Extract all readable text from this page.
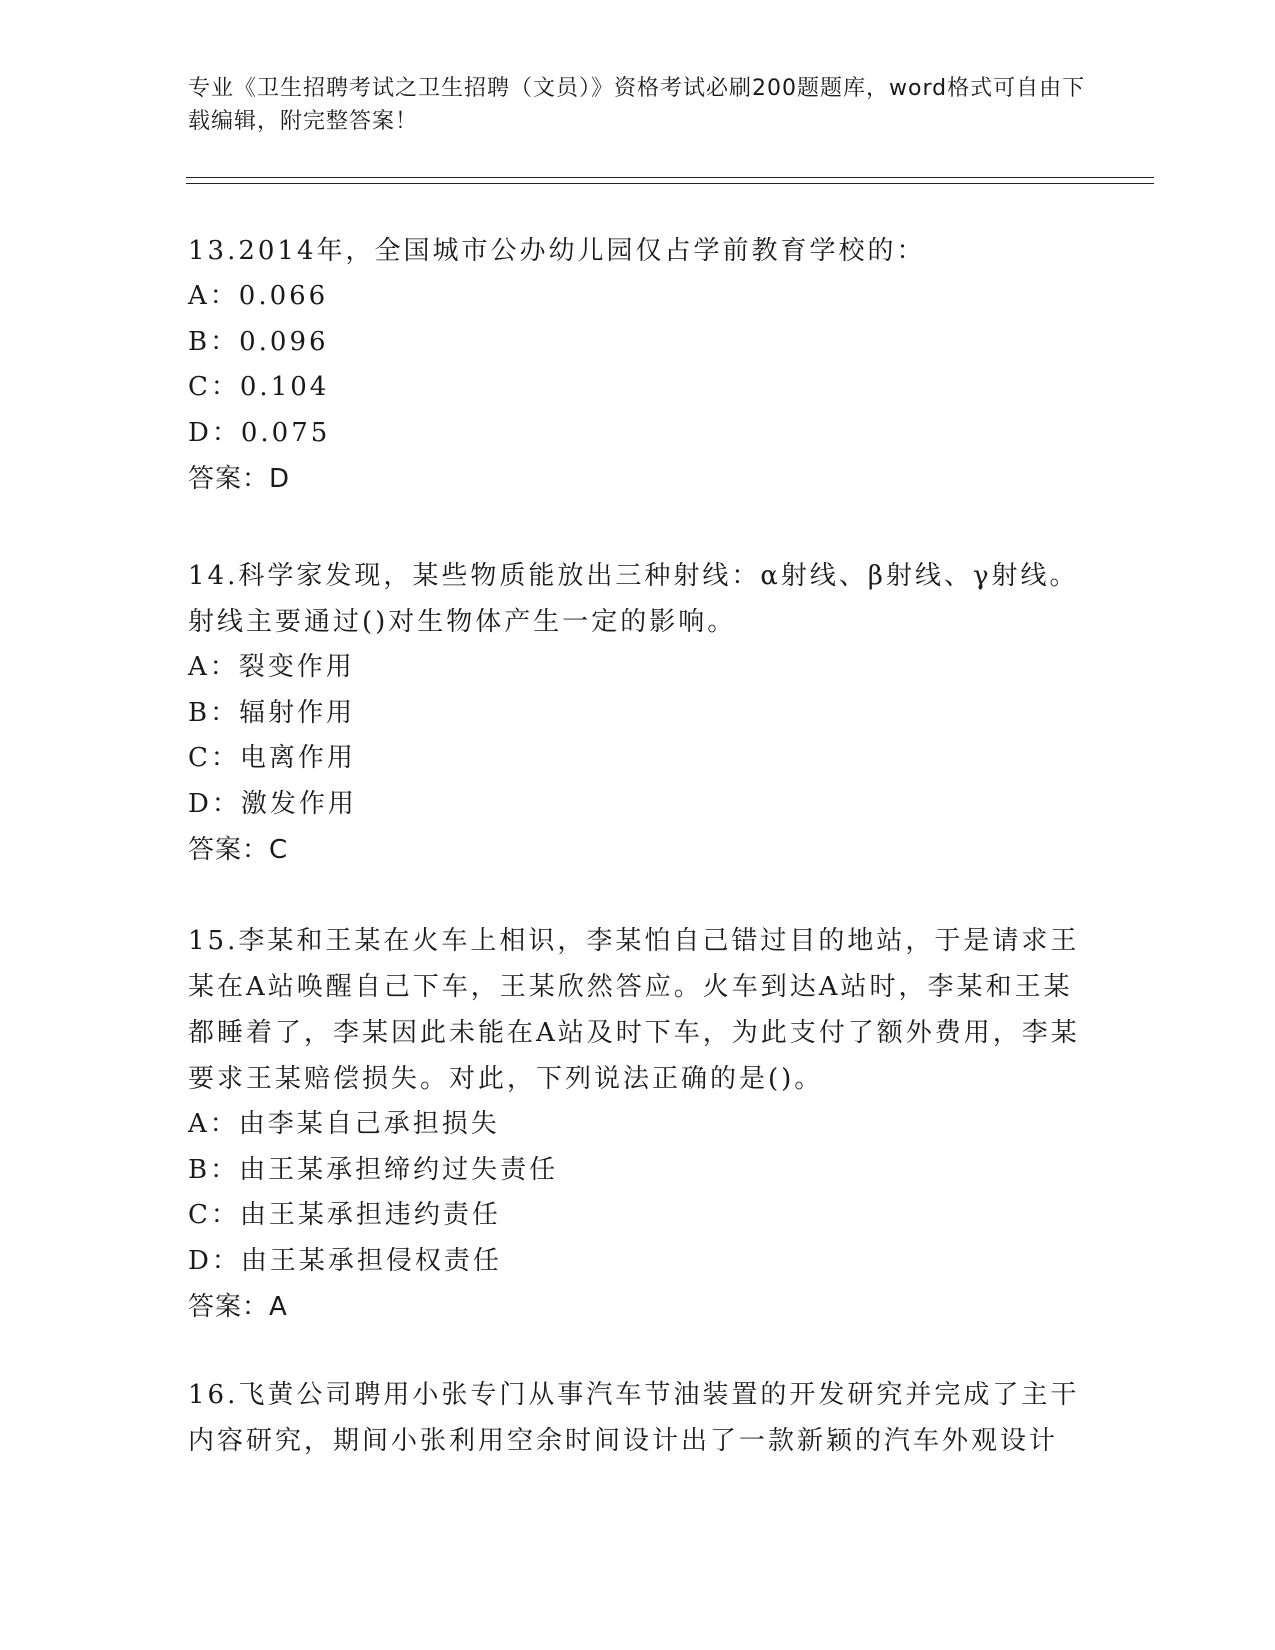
专业《卫生招聘考试之卫生招聘（文员）》资格考试必刷200题题库，word格式可自由下载编辑，附完整答案！
13.2014年，全国城市公办幼儿园仅占学前教育学校的：
A：0.066
B：0.096
C：0.104
D：0.075
答案：D
14.科学家发现，某些物质能放出三种射线：α射线、β射线、γ射线。射线主要通过()对生物体产生一定的影响。
A：裂变作用
B：辐射作用
C：电离作用
D：激发作用
答案：C
15.李某和王某在火车上相识，李某怕自己错过目的地站，于是请求王某在A站唤醒自己下车，王某欣然答应。火车到达A站时，李某和王某都睡着了，李某因此未能在A站及时下车，为此支付了额外费用，李某要求王某赔偿损失。对此，下列说法正确的是()。
A：由李某自己承担损失
B：由王某承担缔约过失责任
C：由王某承担违约责任
D：由王某承担侵权责任
答案：A
16.飞黄公司聘用小张专门从事汽车节油装置的开发研究并完成了主干内容研究，期间小张利用空余时间设计出了一款新颖的汽车外观设计
